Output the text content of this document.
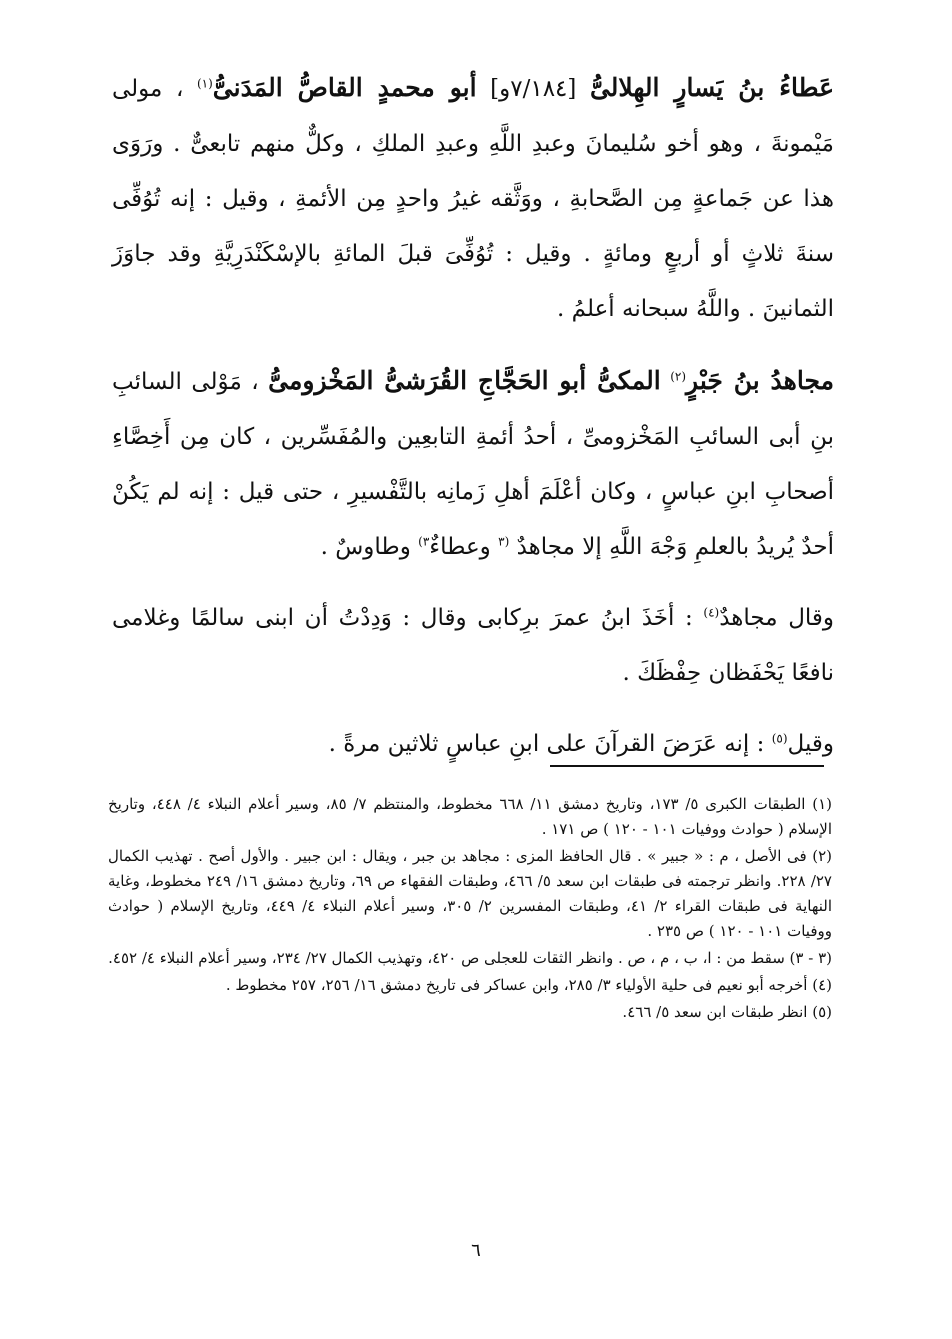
عَطاءُ بنُ يَسارٍ الهِلالىُّ [٧/١٨٤و] أبو محمدٍ القاصُّ المَدَنىُّ$^{(١)}$ ، مولى مَيْمونةَ ، وهو أخو سُليمانَ وعبدِ اللَّهِ وعبدِ الملكِ ، وكلٌّ منهم تابعىٌّ . ورَوَى هذا عن جَماعةٍ مِن الصَّحابةِ ، ووَثَّقه غيرُ واحدٍ مِن الأئمةِ ، وقيل : إنه تُوُفِّى سنةَ ثلاثٍ أو أربعٍ ومائةٍ . وقيل : تُوُفِّىَ قبلَ المائةِ بالإسْكَنْدَرِيَّةِ وقد جاوَزَ الثمانينَ . واللَّهُ سبحانه أعلمُ .

مجاهدُ بنُ جَبْرٍ$^{(٢)}$ المكىُّ أبو الحَجَّاجِ القُرَشىُّ المَخْزومىُّ ، مَوْلى السائبِ بنِ أبى السائبِ المَخْزومىِّ ، أحدُ أئمةِ التابعِين والمُفَسِّرين ، كان مِن أَخِصَّاءِ أصحابِ ابنِ عباسٍ ، وكان أعْلَمَ أهلِ زَمانِه بالتَّفْسيرِ ، حتى قيل : إنه لم يَكُنْ أحدٌ يُريدُ بالعلمِ وَجْهَ اللَّهِ إلا مجاهدٌ $^{(٣}$ وعطاءٌ$^{٣)}$ وطاوسٌ .

وقال مجاهدٌ$^{(٤)}$ : أخَذَ ابنُ عمرَ برِكابى وقال : وَدِدْتُ أن ابنى سالمًا وغلامى نافعًا يَحْفَظان حِفْظَكَ .

وقيل$^{(٥)}$ : إنه عَرَضَ القرآنَ على ابنِ عباسٍ ثلاثين مرةً .

(١) الطبقات الكبرى ٥/ ١٧٣، وتاريخ دمشق ١١/ ٦٦٨ مخطوط، والمنتظم ٧/ ٨٥، وسير أعلام النبلاء ٤/ ٤٤٨، وتاريخ الإسلام ( حوادث ووفيات ١٠١ - ١٢٠ ) ص ١٧١ .

(٢) فى الأصل ، م : « جبير » . قال الحافظ المزى : مجاهد بن جبر ، ويقال : ابن جبير . والأول أصح . تهذيب الكمال ٢٧/ ٢٢٨. وانظر ترجمته فى طبقات ابن سعد ٥/ ٤٦٦، وطبقات الفقهاء ص ٦٩، وتاريخ دمشق ١٦/ ٢٤٩ مخطوط، وغاية النهاية فى طبقات القراء ٢/ ٤١، وطبقات المفسرين ٢/ ٣٠٥، وسير أعلام النبلاء ٤/ ٤٤٩، وتاريخ الإسلام ( حوادث ووفيات ١٠١ - ١٢٠ ) ص ٢٣٥ .

(٣ - ٣) سقط من : ا، ب ، م ، ص . وانظر الثقات للعجلى ص ٤٢٠، وتهذيب الكمال ٢٧/ ٢٣٤، وسير أعلام النبلاء ٤/ ٤٥٢.

(٤) أخرجه أبو نعيم فى حلية الأولياء ٣/ ٢٨٥، وابن عساكر فى تاريخ دمشق ١٦/ ٢٥٦، ٢٥٧ مخطوط .

(٥) انظر طبقات ابن سعد ٥/ ٤٦٦.

٦
